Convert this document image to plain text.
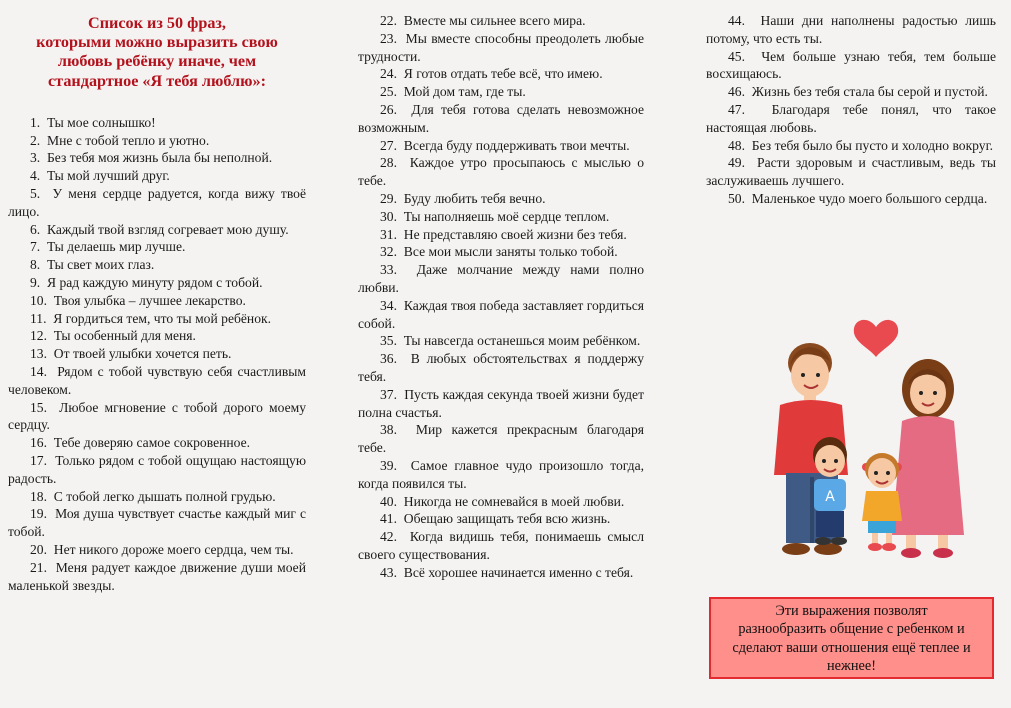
Список из 50 фраз,
которыми можно выразить свою
любовь ребёнку иначе, чем
стандартное «Я тебя люблю»:
1. Ты мое солнышко!
2. Мне с тобой тепло и уютно.
3. Без тебя моя жизнь была бы неполной.
4. Ты мой лучший друг.
5. У меня сердце радуется, когда вижу твоё лицо.
6. Каждый твой взгляд согревает мою душу.
7. Ты делаешь мир лучше.
8. Ты свет моих глаз.
9. Я рад каждую минуту рядом с тобой.
10. Твоя улыбка – лучшее лекарство.
11. Я гордиться тем, что ты мой ребёнок.
12. Ты особенный для меня.
13. От твоей улыбки хочется петь.
14. Рядом с тобой чувствую себя счастливым человеком.
15. Любое мгновение с тобой дорого моему сердцу.
16. Тебе доверяю самое сокровенное.
17. Только рядом с тобой ощущаю настоящую радость.
18. С тобой легко дышать полной грудью.
19. Моя душа чувствует счастье каждый миг с тобой.
20. Нет никого дороже моего сердца, чем ты.
21. Меня радует каждое движение души моей маленькой звезды.
22. Вместе мы сильнее всего мира.
23. Мы вместе способны преодолеть любые трудности.
24. Я готов отдать тебе всё, что имею.
25. Мой дом там, где ты.
26. Для тебя готова сделать невозможное возможным.
27. Всегда буду поддерживать твои мечты.
28. Каждое утро просыпаюсь с мыслью о тебе.
29. Буду любить тебя вечно.
30. Ты наполняешь моё сердце теплом.
31. Не представляю своей жизни без тебя.
32. Все мои мысли заняты только тобой.
33. Даже молчание между нами полно любви.
34. Каждая твоя победа заставляет гордиться собой.
35. Ты навсегда останешься моим ребёнком.
36. В любых обстоятельствах я поддержу тебя.
37. Пусть каждая секунда твоей жизни будет полна счастья.
38. Мир кажется прекрасным благодаря тебе.
39. Самое главное чудо произошло тогда, когда появился ты.
40. Никогда не сомневайся в моей любви.
41. Обещаю защищать тебя всю жизнь.
42. Когда видишь тебя, понимаешь смысл своего существования.
43. Всё хорошее начинается именно с тебя.
44. Наши дни наполнены радостью лишь потому, что есть ты.
45. Чем больше узнаю тебя, тем больше восхищаюсь.
46. Жизнь без тебя стала бы серой и пустой.
47. Благодаря тебе понял, что такое настоящая любовь.
48. Без тебя было бы пусто и холодно вокруг.
49. Расти здоровым и счастливым, ведь ты заслуживаешь лучшего.
50. Маленькое чудо моего большого сердца.
A
Эти выражения позволят
разнообразить общение с ребенком и
сделают ваши отношения ещё теплее и
нежнее!
